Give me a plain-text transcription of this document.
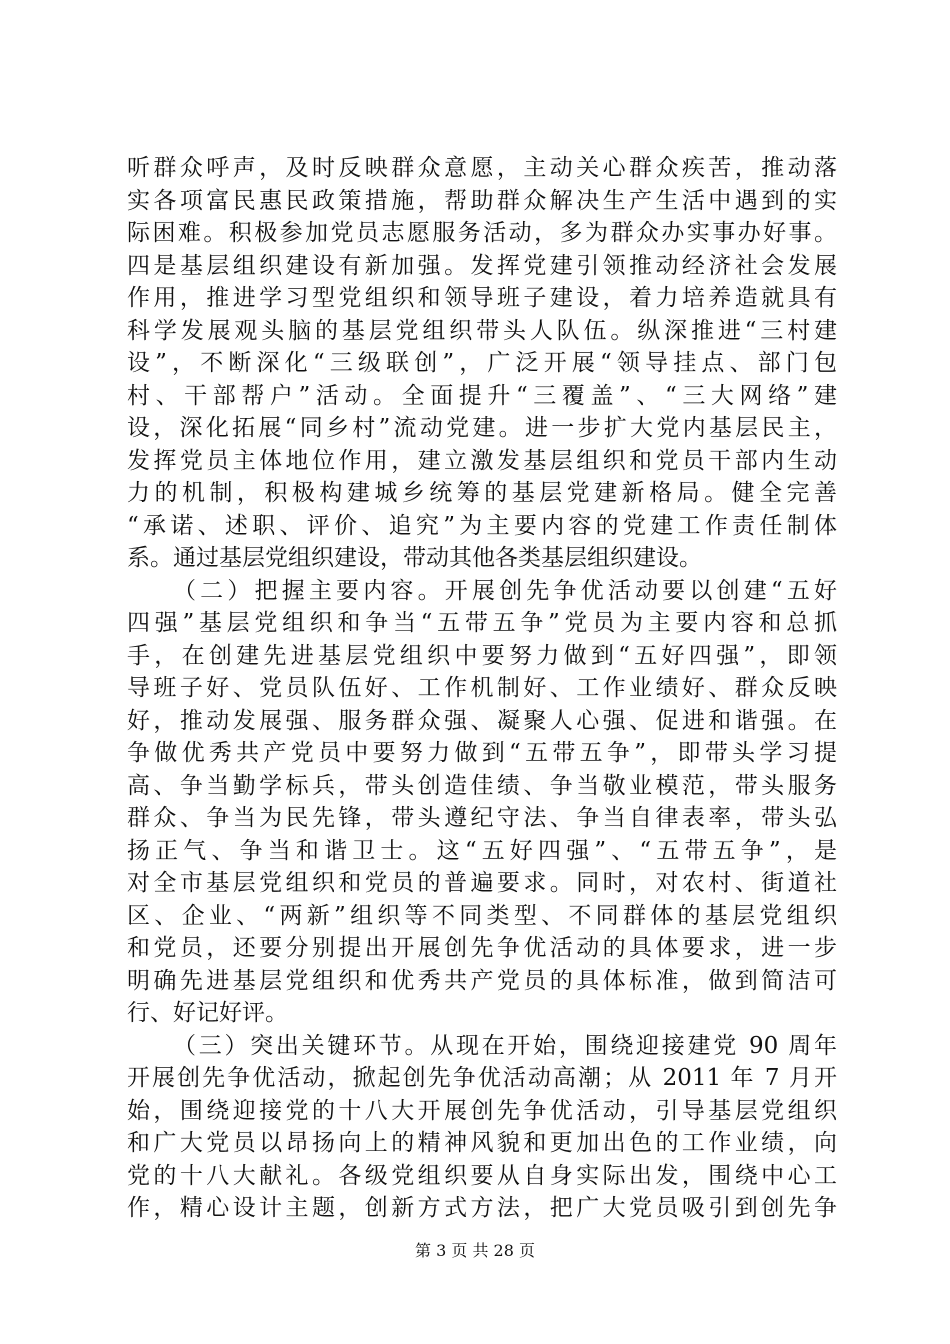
听群众呼声，及时反映群众意愿，主动关心群众疾苦，推动落
实各项富民惠民政策措施，帮助群众解决生产生活中遇到的实
际困难。积极参加党员志愿服务活动，多为群众办实事办好事。
四是基层组织建设有新加强。发挥党建引领推动经济社会发展
作用，推进学习型党组织和领导班子建设，着力培养造就具有
科学发展观头脑的基层党组织带头人队伍。纵深推进“三村建
设”，不断深化“三级联创”，广泛开展“领导挂点、部门包
村、干部帮户”活动。全面提升“三覆盖”、“三大网络”建
设，深化拓展“同乡村”流动党建。进一步扩大党内基层民主，
发挥党员主体地位作用，建立激发基层组织和党员干部内生动
力的机制，积极构建城乡统筹的基层党建新格局。健全完善
“承诺、述职、评价、追究”为主要内容的党建工作责任制体
系。通过基层党组织建设，带动其他各类基层组织建设。
（二）把握主要内容。开展创先争优活动要以创建“五好
四强”基层党组织和争当“五带五争”党员为主要内容和总抓
手，在创建先进基层党组织中要努力做到“五好四强”，即领
导班子好、党员队伍好、工作机制好、工作业绩好、群众反映
好，推动发展强、服务群众强、凝聚人心强、促进和谐强。在
争做优秀共产党员中要努力做到“五带五争”，即带头学习提
高、争当勤学标兵，带头创造佳绩、争当敬业模范，带头服务
群众、争当为民先锋，带头遵纪守法、争当自律表率，带头弘
扬正气、争当和谐卫士。这“五好四强”、“五带五争”，是
对全市基层党组织和党员的普遍要求。同时，对农村、街道社
区、企业、“两新”组织等不同类型、不同群体的基层党组织
和党员，还要分别提出开展创先争优活动的具体要求，进一步
明确先进基层党组织和优秀共产党员的具体标准，做到简洁可
行、好记好评。
（三）突出关键环节。从现在开始，围绕迎接建党 90 周年
开展创先争优活动，掀起创先争优活动高潮；从 2011 年 7 月开
始，围绕迎接党的十八大开展创先争优活动，引导基层党组织
和广大党员以昂扬向上的精神风貌和更加出色的工作业绩，向
党的十八大献礼。各级党组织要从自身实际出发，围绕中心工
作，精心设计主题，创新方式方法，把广大党员吸引到创先争
第 3 页 共 28 页
